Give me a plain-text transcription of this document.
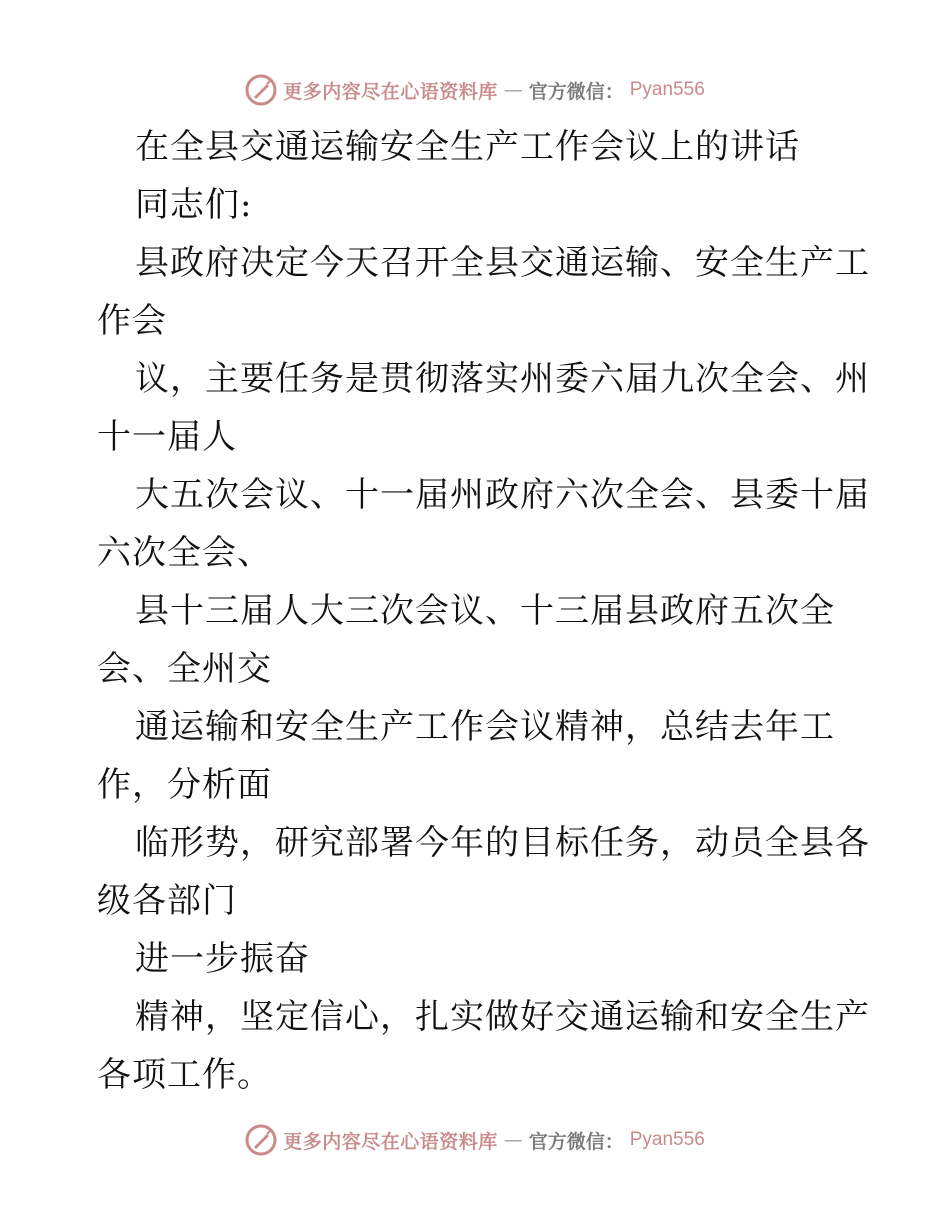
更多内容尽在心语资料库 — 官方微信： Pyan556
在全县交通运输安全生产工作会议上的讲话
同志们:
县政府决定今天召开全县交通运输、安全生产工
作会
议，主要任务是贯彻落实州委六届九次全会、州
十一届人
大五次会议、十一届州政府六次全会、县委十届
六次全会、
县十三届人大三次会议、十三届县政府五次全
会、全州交
通运输和安全生产工作会议精神，总结去年工
作，分析面
临形势，研究部署今年的目标任务，动员全县各
级各部门
进一步振奋
精神，坚定信心，扎实做好交通运输和安全生产
各项工作。
更多内容尽在心语资料库 — 官方微信： Pyan556
